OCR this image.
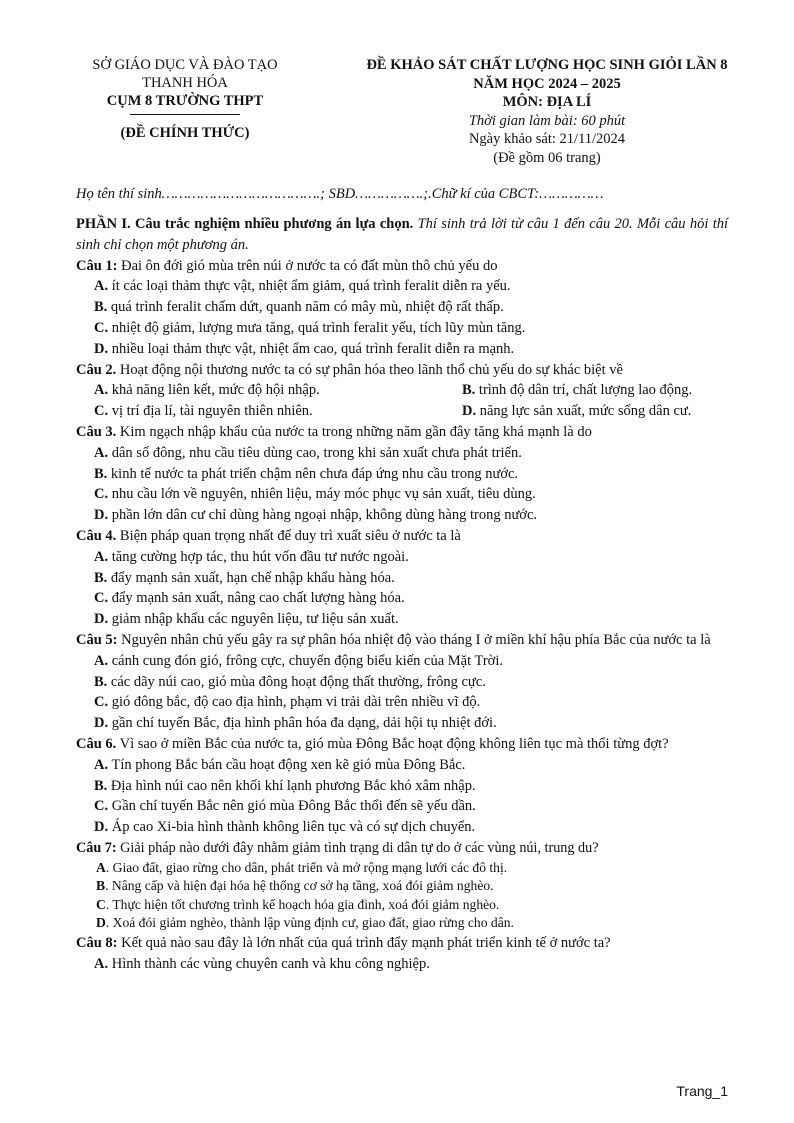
SỞ GIÁO DỤC VÀ ĐÀO TẠO
THANH HÓA
CỤM 8 TRƯỜNG THPT
(ĐỀ CHÍNH THỨC)
ĐỀ KHẢO SÁT CHẤT LƯỢNG HỌC SINH GIỎI LẦN 8
NĂM HỌC 2024 – 2025
MÔN: ĐỊA LÍ
Thời gian làm bài: 60 phút
Ngày khảo sát: 21/11/2024
(Đề gồm 06 trang)
Họ tên thí sinh……………………………….; SBD…………….;.Chữ kí của CBCT:……………

PHẦN I. Câu trắc nghiệm nhiều phương án lựa chọn. Thí sinh trả lời từ câu 1 đến câu 20. Mỗi câu hỏi thí sinh chỉ chọn một phương án.

Câu 1: Đai ôn đới gió mùa trên núi ở nước ta có đất mùn thô chủ yếu do

A. ít các loại thảm thực vật, nhiệt ẩm giảm, quá trình feralit diễn ra yếu.

B. quá trình feralit chấm dứt, quanh năm có mây mù, nhiệt độ rất thấp.

C. nhiệt độ giảm, lượng mưa tăng, quá trình feralit yếu, tích lũy mùn tăng.

D. nhiều loại thảm thực vật, nhiệt ẩm cao, quá trình feralit diễn ra mạnh.

Câu 2. Hoạt động nội thương nước ta có sự phân hóa theo lãnh thổ chủ yếu do sự khác biệt về

A. khả năng liên kết, mức độ hội nhập.	B. trình độ dân trí, chất lượng lao động.
C. vị trí địa lí, tài nguyên thiên nhiên.	D. năng lực sản xuất, mức sống dân cư.

Câu 3. Kim ngạch nhập khẩu của nước ta trong những năm gần đây tăng khá mạnh là do

A. dân số đông, nhu cầu tiêu dùng cao, trong khi sản xuất chưa phát triển.

B. kinh tế nước ta phát triển chậm nên chưa đáp ứng nhu cầu trong nước.

C. nhu cầu lớn về nguyên, nhiên liệu, máy móc phục vụ sản xuất, tiêu dùng.

D. phần lớn dân cư chỉ dùng hàng ngoại nhập, không dùng hàng trong nước.

Câu 4. Biện pháp quan trọng nhất để duy trì xuất siêu ở nước ta là

A. tăng cường hợp tác, thu hút vốn đầu tư nước ngoài.

B. đẩy mạnh sản xuất, hạn chế nhập khẩu hàng hóa.

C. đẩy mạnh sản xuất, nâng cao chất lượng hàng hóa.

D. giảm nhập khẩu các nguyên liệu, tư liệu sản xuất.

Câu 5: Nguyên nhân chủ yếu gây ra sự phân hóa nhiệt độ vào tháng I ở miền khí hậu phía Bắc của nước ta là

A. cánh cung đón gió, frông cực, chuyển động biểu kiến của Mặt Trời.

B. các dãy núi cao, gió mùa đông hoạt động thất thường, frông cực.

C. gió đông bắc, độ cao địa hình, phạm vi trải dài trên nhiều vĩ độ.

D. gần chí tuyến Bắc, địa hình phân hóa đa dạng, dải hội tụ nhiệt đới.

Câu 6. Vì sao ở miền Bắc của nước ta, gió mùa Đông Bắc hoạt động không liên tục mà thổi từng đợt?

A. Tín phong Bắc bán cầu hoạt động xen kẽ gió mùa Đông Bắc.

B. Địa hình núi cao nên khối khí lạnh phương Bắc khó xâm nhập.

C. Gần chí tuyến Bắc nên gió mùa Đông Bắc thổi đến sẽ yếu dần.

D. Áp cao Xi-bia hình thành không liên tục và có sự dịch chuyển.

Câu 7: Giải pháp nào dưới đây nhằm giảm tình trạng di dân tự do ở các vùng núi, trung du?

A. Giao đất, giao rừng cho dân, phát triển và mở rộng mạng lưới các đô thị.

B. Nâng cấp và hiện đại hóa hệ thống cơ sở hạ tầng, xoá đói giảm nghèo.

C. Thực hiện tốt chương trình kế hoạch hóa gia đình, xoá đói giảm nghèo.

D. Xoá đói giảm nghèo, thành lập vùng định cư, giao đất, giao rừng cho dân.

Câu 8: Kết quả nào sau đây là lớn nhất của quá trình đẩy mạnh phát triển kinh tế ở nước ta?

A. Hình thành các vùng chuyên canh và khu công nghiệp.

Trang_1
